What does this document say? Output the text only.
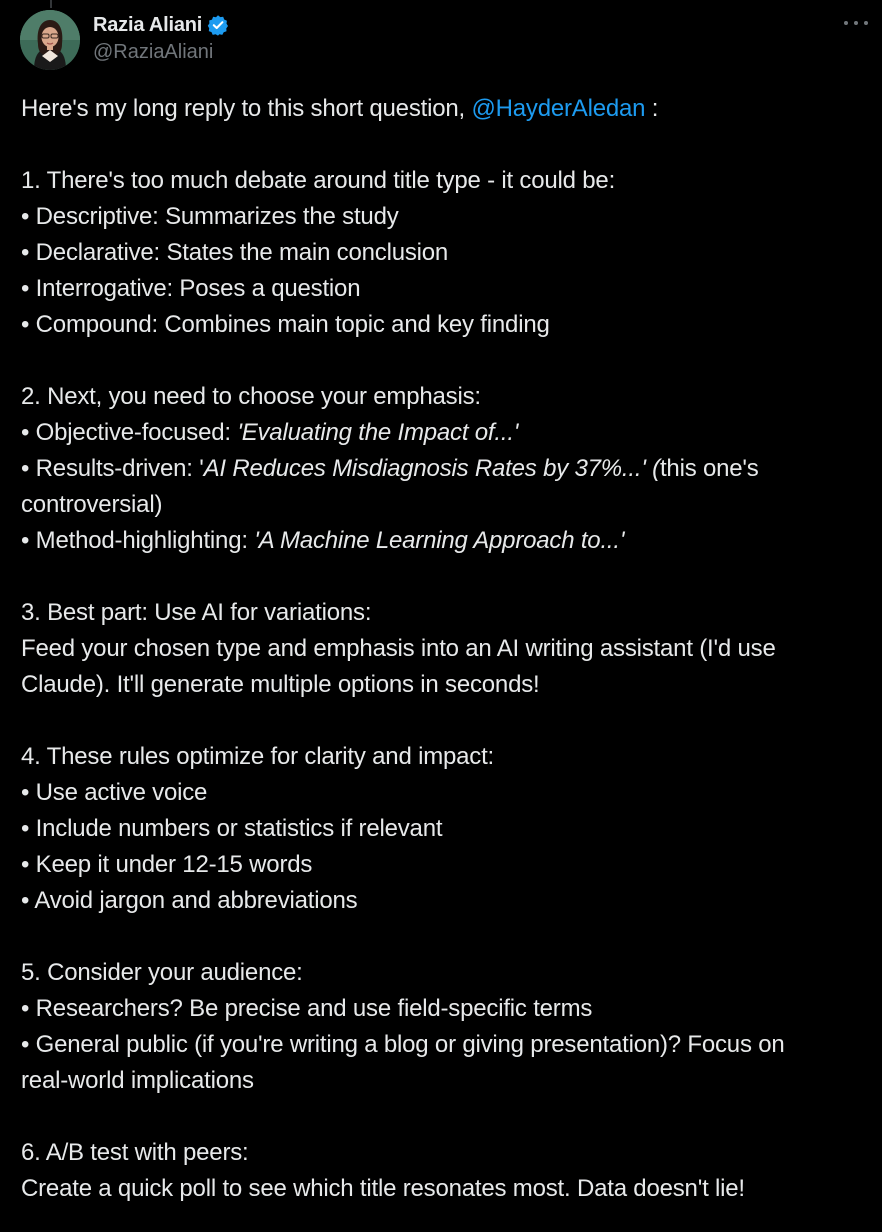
Razia Aliani
@RaziaAliani
Here's my long reply to this short question, @HayderAledan :
1. There's too much debate around title type - it could be:
• Descriptive: Summarizes the study
• Declarative: States the main conclusion
• Interrogative: Poses a question
• Compound: Combines main topic and key finding
2. Next, you need to choose your emphasis:
• Objective-focused: 'Evaluating the Impact of...'
• Results-driven: 'AI Reduces Misdiagnosis Rates by 37%...' (this one's
controversial)
• Method-highlighting: 'A Machine Learning Approach to...'
3. Best part: Use AI for variations:
Feed your chosen type and emphasis into an AI writing assistant (I'd use
Claude). It'll generate multiple options in seconds!
4. These rules optimize for clarity and impact:
• Use active voice
• Include numbers or statistics if relevant
• Keep it under 12-15 words
• Avoid jargon and abbreviations
5. Consider your audience:
• Researchers? Be precise and use field-specific terms
• General public (if you're writing a blog or giving presentation)? Focus on
real-world implications
6. A/B test with peers:
Create a quick poll to see which title resonates most. Data doesn't lie!
